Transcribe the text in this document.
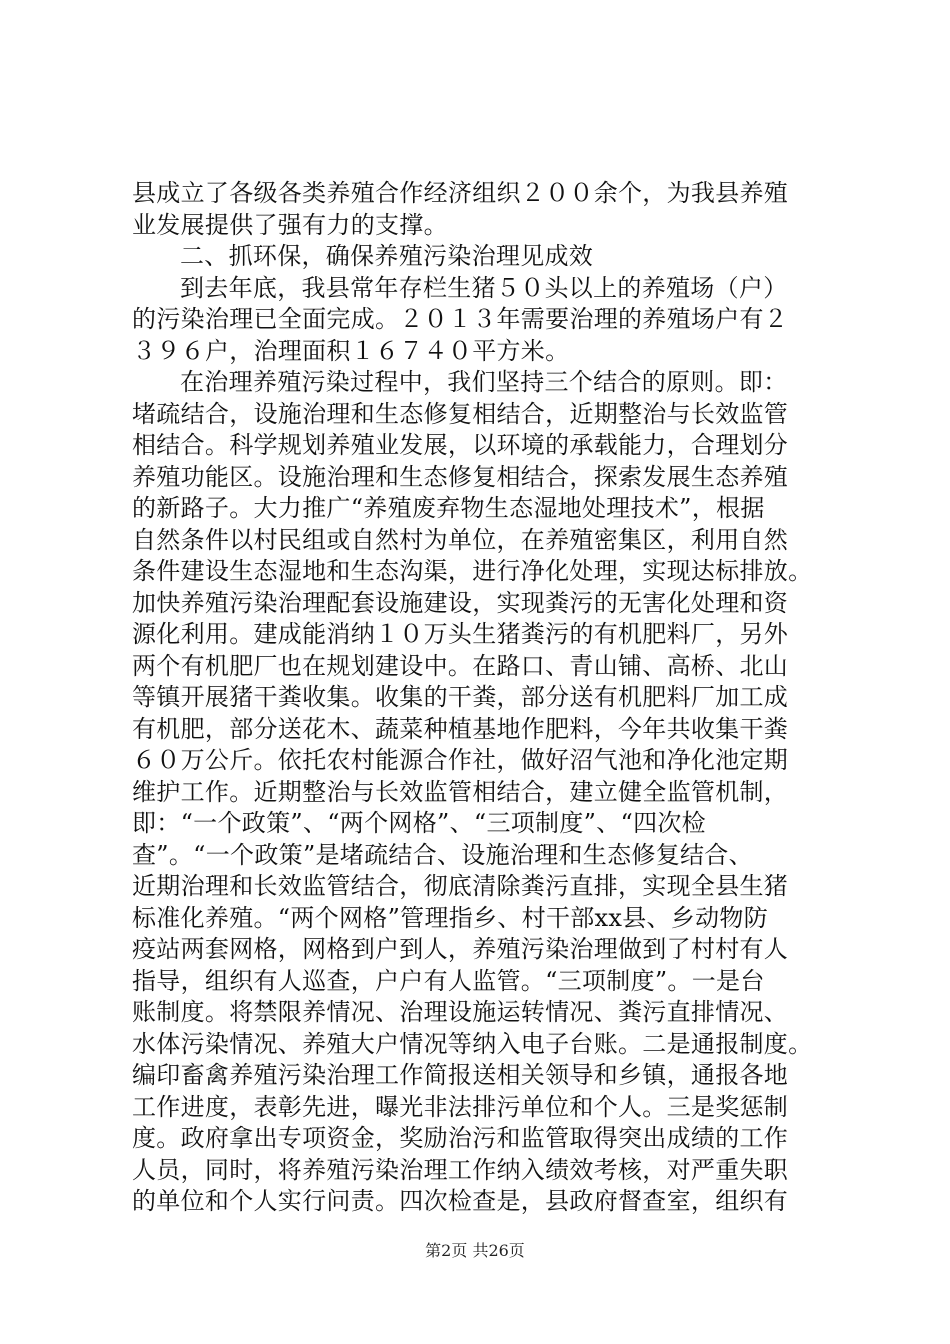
县成立了各级各类养殖合作经济组织２００余个，为我县养殖
业发展提供了强有力的支撑。
二、抓环保，确保养殖污染治理见成效
到去年底，我县常年存栏生猪５０头以上的养殖场（户）
的污染治理已全面完成。２０１３年需要治理的养殖场户有２
３９６户，治理面积１６７４０平方米。
在治理养殖污染过程中，我们坚持三个结合的原则。即：
堵疏结合，设施治理和生态修复相结合，近期整治与长效监管
相结合。科学规划养殖业发展，以环境的承载能力，合理划分
养殖功能区。设施治理和生态修复相结合，探索发展生态养殖
的新路子。大力推广“养殖废弃物生态湿地处理技术”，根据
自然条件以村民组或自然村为单位，在养殖密集区，利用自然
条件建设生态湿地和生态沟渠，进行净化处理，实现达标排放。
加快养殖污染治理配套设施建设，实现粪污的无害化处理和资
源化利用。建成能消纳１０万头生猪粪污的有机肥料厂，另外
两个有机肥厂也在规划建设中。在路口、青山铺、高桥、北山
等镇开展猪干粪收集。收集的干粪，部分送有机肥料厂加工成
有机肥，部分送花木、蔬菜种植基地作肥料，今年共收集干粪
６０万公斤。依托农村能源合作社，做好沼气池和净化池定期
维护工作。近期整治与长效监管相结合，建立健全监管机制，
即：“一个政策”、“两个网格”、“三项制度”、“四次检
查”。“一个政策”是堵疏结合、设施治理和生态修复结合、
近期治理和长效监管结合，彻底清除粪污直排，实现全县生猪
标准化养殖。“两个网格”管理指乡、村干部xx县、乡动物防
疫站两套网格，网格到户到人，养殖污染治理做到了村村有人
指导，组织有人巡查，户户有人监管。“三项制度”。一是台
账制度。将禁限养情况、治理设施运转情况、粪污直排情况、
水体污染情况、养殖大户情况等纳入电子台账。二是通报制度。
编印畜禽养殖污染治理工作简报送相关领导和乡镇，通报各地
工作进度，表彰先进，曝光非法排污单位和个人。三是奖惩制
度。政府拿出专项资金，奖励治污和监管取得突出成绩的工作
人员，同时，将养殖污染治理工作纳入绩效考核，对严重失职
的单位和个人实行问责。四次检查是，县政府督查室，组织有
第2页 共26页
